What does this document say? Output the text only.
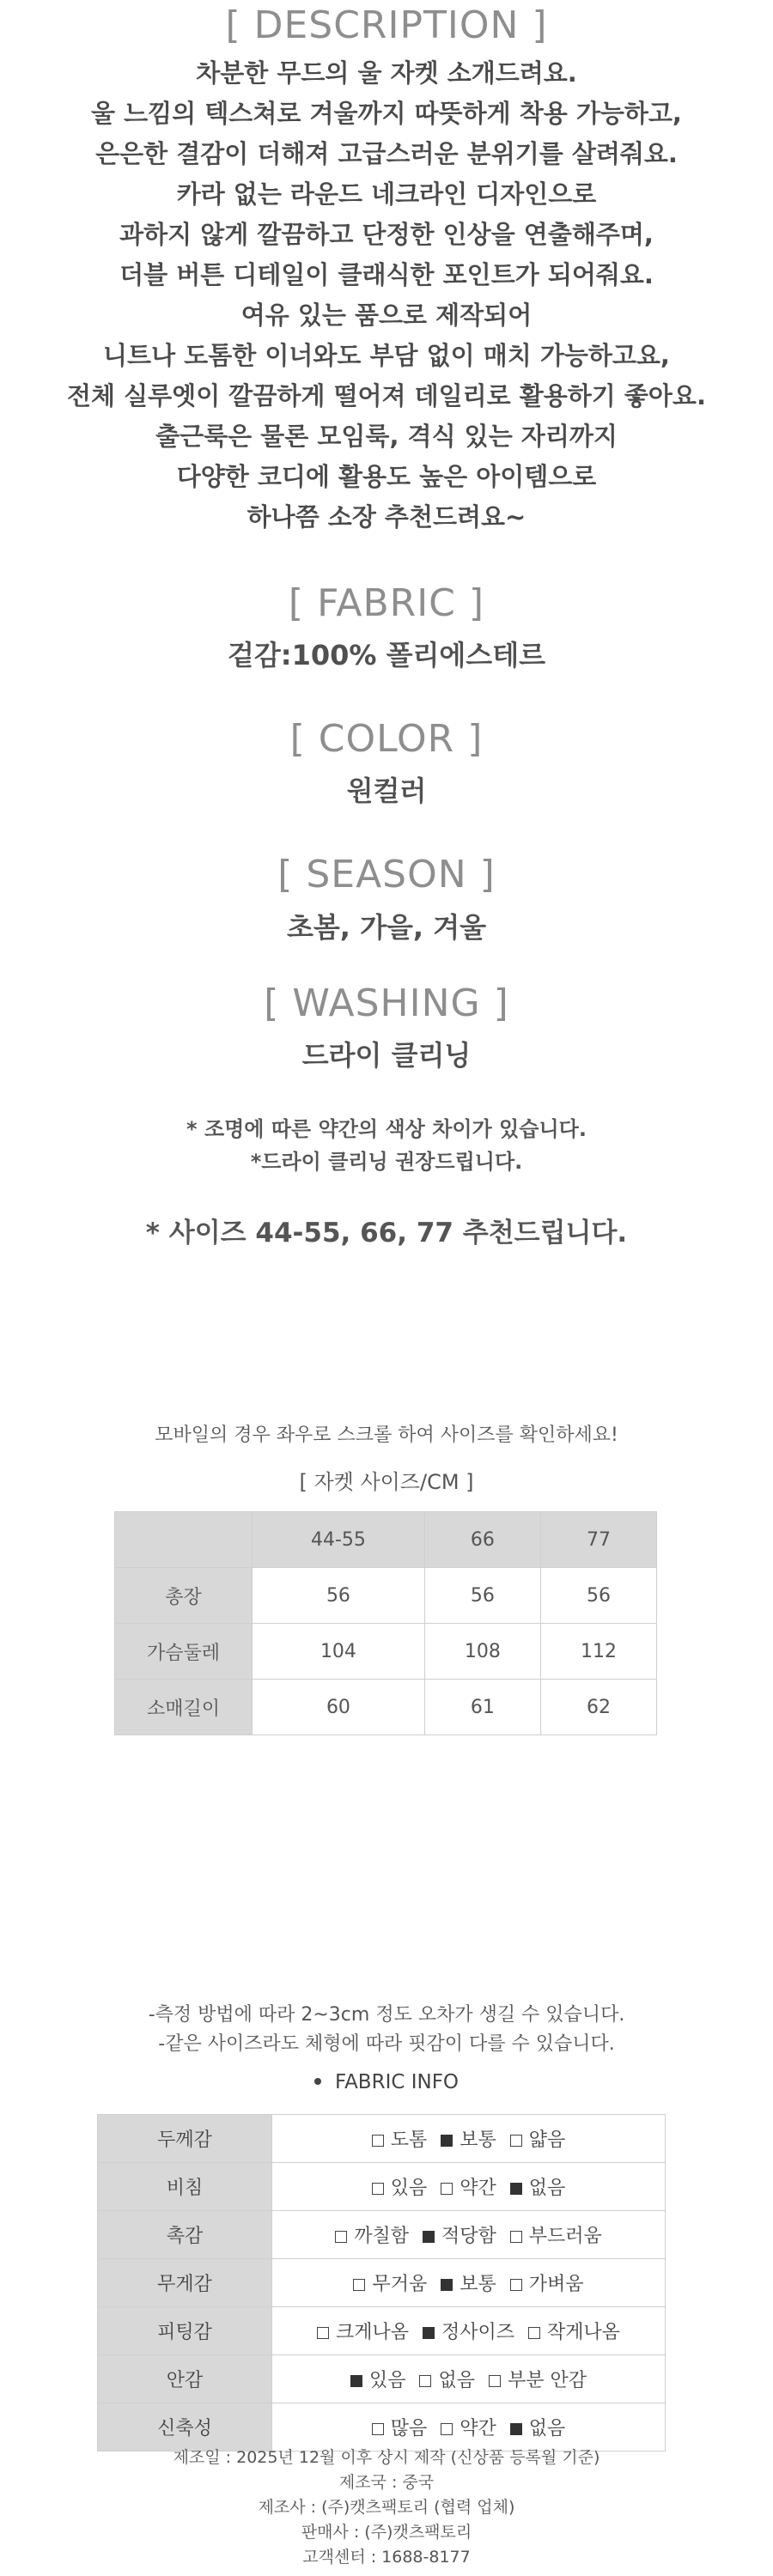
[ DESCRIPTION ]
차분한 무드의 울 자켓 소개드려요.
울 느낌의 텍스쳐로 겨울까지 따뜻하게 착용 가능하고,
은은한 결감이 더해져 고급스러운 분위기를 살려줘요.
카라 없는 라운드 네크라인 디자인으로
과하지 않게 깔끔하고 단정한 인상을 연출해주며,
더블 버튼 디테일이 클래식한 포인트가 되어줘요.
여유 있는 품으로 제작되어
니트나 도톰한 이너와도 부담 없이 매치 가능하고요,
전체 실루엣이 깔끔하게 떨어져 데일리로 활용하기 좋아요.
출근룩은 물론 모임룩, 격식 있는 자리까지
다양한 코디에 활용도 높은 아이템으로
하나쯤 소장 추천드려요~
[ FABRIC ]
겉감:100% 폴리에스테르
[ COLOR ]
원컬러
[ SEASON ]
초봄, 가을, 겨울
[ WASHING ]
드라이 클리닝
* 조명에 따른 약간의 색상 차이가 있습니다.
*드라이 클리닝 권장드립니다.
* 사이즈 44-55, 66, 77 추천드립니다.
모바일의 경우 좌우로 스크롤 하여 사이즈를 확인하세요!
[ 자켓 사이즈/CM ]
	44-55	66	77
총장	56	56	56
가슴둘레	104	108	112
소매길이	60	61	62
-측정 방법에 따라 2~3cm 정도 오차가 생길 수 있습니다.
-같은 사이즈라도 체형에 따라 핏감이 다를 수 있습니다.
FABRIC INFO
두께감	도톰 보통 얇음
비침	있음 약간 없음
촉감	까칠함 적당함 부드러움
무게감	무거움 보통 가벼움
피팅감	크게나옴 정사이즈 작게나옴
안감	있음 없음 부분 안감
신축성	많음 약간 없음
제조일 : 2025년 12월 이후 상시 제작 (신상품 등록월 기준)
제조국 : 중국
제조사 : (주)캣츠팩토리 (협력 업체)
판매사 : (주)캣츠팩토리
고객센터 : 1688-8177
